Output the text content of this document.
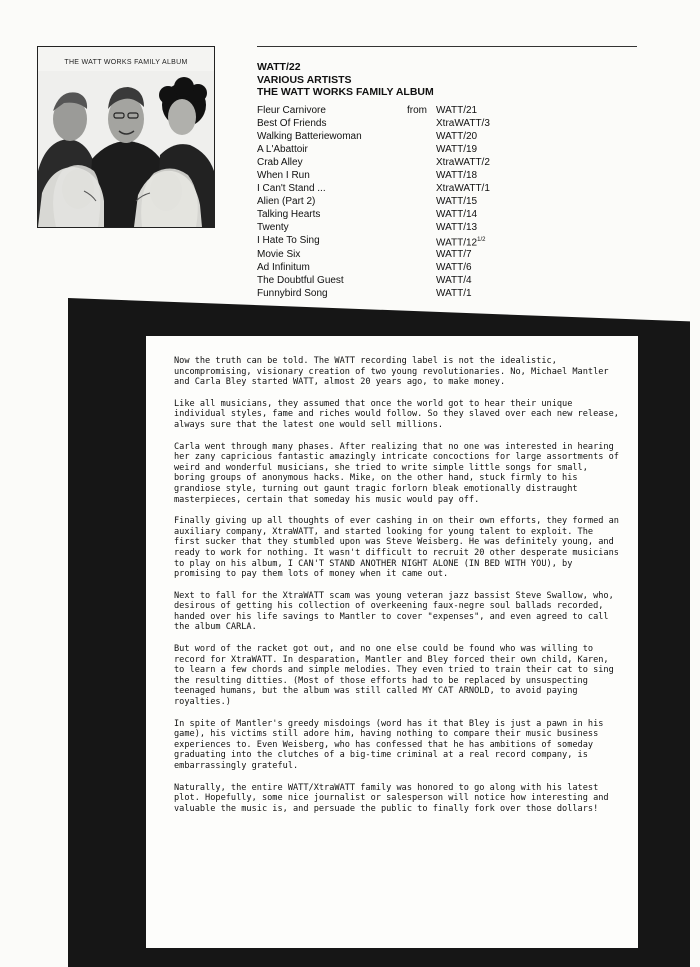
THE WATT WORKS FAMILY ALBUM	WATT/22
VARIOUS ARTISTS
THE WATT WORKS FAMILY ALBUM
Fleur Carnivore	from WATT/21
Best Of Friends	XtraWATT/3
Walking Batteriewoman	WATT/20
A L'Abattoir	WATT/19
Crab Alley	XtraWATT/2
When I Run	WATT/18
I Can't Stand ...	XtraWATT/1
Alien (Part 2)	WATT/15
Talking Hearts	WATT/14
Twenty	WATT/13
I Hate To Sing	WATT/$12^{1/2}$
Movie Six	WATT/7
Ad Infinitum	WATT/6
The Doubtful Guest	WATT/4
Funnybird Song	WATT/1

Now the truth can be told. The WATT recording label is not the idealistic, uncompromising, visionary creation of two young revolutionaries. No, Michael Mantler and Carla Bley started WATT, almost 20 years ago, to make money.

Like all musicians, they assumed that once the world got to hear their unique individual styles, fame and riches would follow. So they slaved over each new release, always sure that the latest one would sell millions.

Carla went through many phases. After realizing that no one was interested in hearing her zany capricious fantastic amazingly intricate concoctions for large assortments of weird and wonderful musicians, she tried to write simple little songs for small, boring groups of anonymous hacks. Mike, on the other hand, stuck firmly to his grandiose style, turning out gaunt tragic forlorn bleak emotionally distraught masterpieces, certain that someday his music would pay off.

Finally giving up all thoughts of ever cashing in on their own efforts, they formed an auxiliary company, XtraWATT, and started looking for young talent to exploit. The first sucker that they stumbled upon was Steve Weisberg. He was definitely young, and ready to work for nothing. It wasn't difficult to recruit 20 other desperate musicians to play on his album, I CAN'T STAND ANOTHER NIGHT ALONE (IN BED WITH YOU), by promising to pay them lots of money when it came out.

Next to fall for the XtraWATT scam was young veteran jazz bassist Steve Swallow, who, desirous of getting his collection of overkeening faux-negre soul ballads recorded, handed over his life savings to Mantler to cover "expenses", and even agreed to call the album CARLA.

But word of the racket got out, and no one else could be found who was willing to record for XtraWATT. In desparation, Mantler and Bley forced their own child, Karen, to learn a few chords and simple melodies. They even tried to train their cat to sing the resulting ditties. (Most of those efforts had to be replaced by unsuspecting teenaged humans, but the album was still called MY CAT ARNOLD, to avoid paying royalties.)

In spite of Mantler's greedy misdoings (word has it that Bley is just a pawn in his game), his victims still adore him, having nothing to compare their music business experiences to. Even Weisberg, who has confessed that he has ambitions of someday graduating into the clutches of a big-time criminal at a real record company, is embarrassingly grateful.

Naturally, the entire WATT/XtraWATT family was honored to go along with his latest plot. Hopefully, some nice journalist or salesperson will notice how interesting and valuable the music is, and persuade the public to finally fork over those dollars!
